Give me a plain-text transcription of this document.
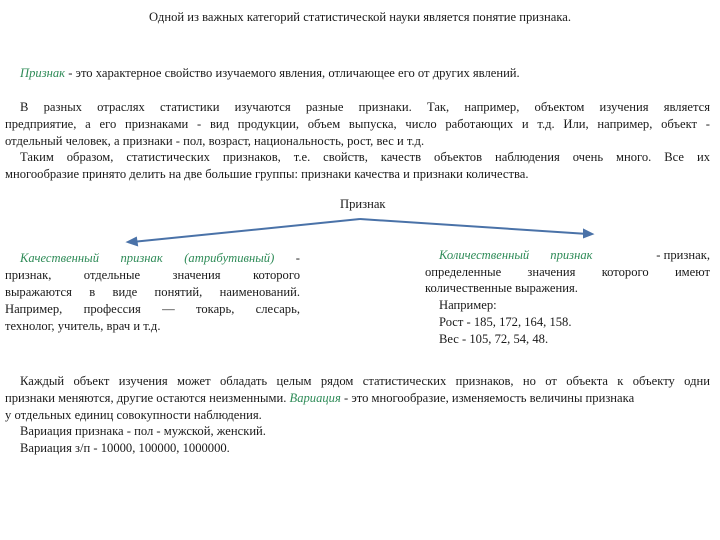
Одной из важных категорий статистической науки является понятие признака.
Признак - это характерное свойство изучаемого явления, отличающее его от других явлений.
В разных отраслях статистики изучаются разные признаки. Так, например, объектом изучения является
предприятие, а его признаками - вид продукции, объем выпуска, число работающих и т.д. Или, например, объект -
отдельный человек, а признаки - пол, возраст, национальность, рост, вес и т.д.
Таким образом, статистических признаков, т.е. свойств, качеств объектов наблюдения очень много. Все их
многообразие принято делить на две большие группы: признаки качества и признаки количества.
Признак
Качественный признак (атрибутивный) -
признак, отдельные значения которого
выражаются в виде понятий, наименований.
Например, профессия — токарь, слесарь,
технолог, учитель, врач и т.д.
Количественный признак	- признак,
определенные значения которого имеют
количественные выражения.
Например:
Рост - 185, 172, 164, 158.
Вес - 105, 72, 54, 48.
Каждый объект изучения может обладать целым рядом статистических признаков, но от объекта к объекту одни
признаки меняются, другие остаются неизменными. Вариация - это многообразие, изменяемость величины признака
у отдельных единиц совокупности наблюдения.
Вариация признака - пол - мужской, женский.
Вариация з/п - 10000, 100000, 1000000.
